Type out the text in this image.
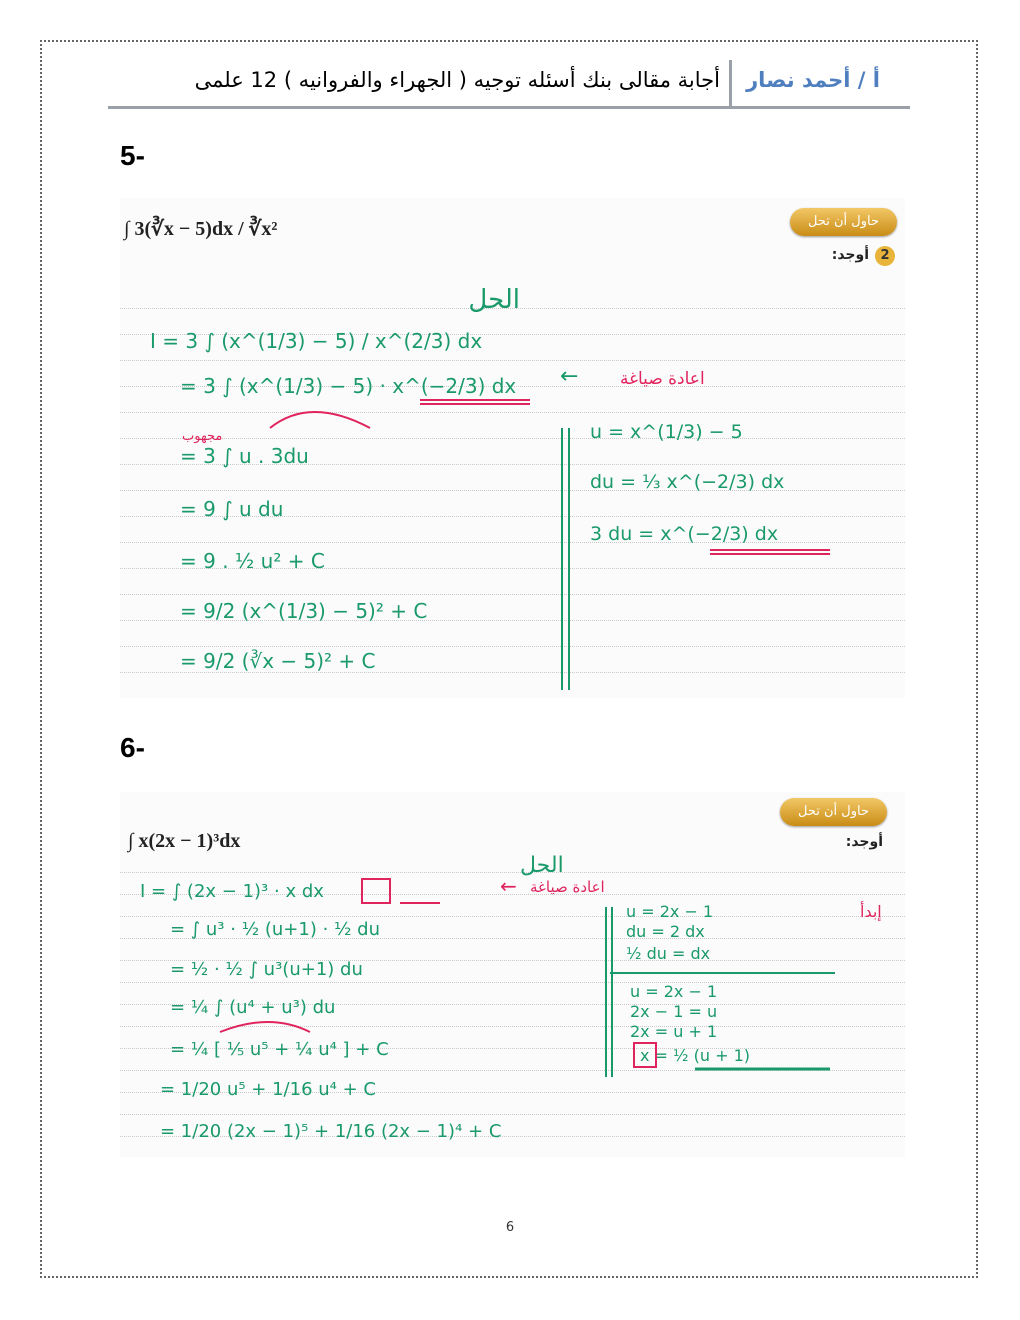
أ / أحمد نصار
أجابة مقالى بنك أسئله توجيه ( الجهراء والفروانيه ) 12 علمى
5-
حاول أن تحل
2أوجد:
∫ 3(∛x − 5)dx / ∛x²
الحل
I = 3 ∫ (x^(1/3) − 5) / x^(2/3) dx
= 3 ∫ (x^(1/3) − 5) · x^(−2/3) dx ← اعادة صياغة
مجهوب
= 3 ∫ u . 3du
= 9 ∫ u du
= 9 . ½ u² + C
= 9/2 (x^(1/3) − 5)² + C
= 9/2 (∛x − 5)² + C
u = x^(1/3) − 5
du = ⅓ x^(−2/3) dx
3 du = x^(−2/3) dx
6-
حاول أن تحل
أوجد:
∫ x(2x − 1)³dx
الحل
I = ∫ (2x − 1)³ · x dx	← اعادة صياغة
إبدأ
= ∫ u³ · ½ (u+1) · ½ du
= ½ · ½ ∫ u³(u+1) du
= ¼ ∫ (u⁴ + u³) du
= ¼ [ ⅕ u⁵ + ¼ u⁴ ] + C
= 1/20 u⁵ + 1/16 u⁴ + C
= 1/20 (2x − 1)⁵ + 1/16 (2x − 1)⁴ + C
u = 2x − 1
du = 2 dx
½ du = dx
u = 2x − 1
2x − 1 = u
2x = u + 1
x = ½ (u + 1)
6
